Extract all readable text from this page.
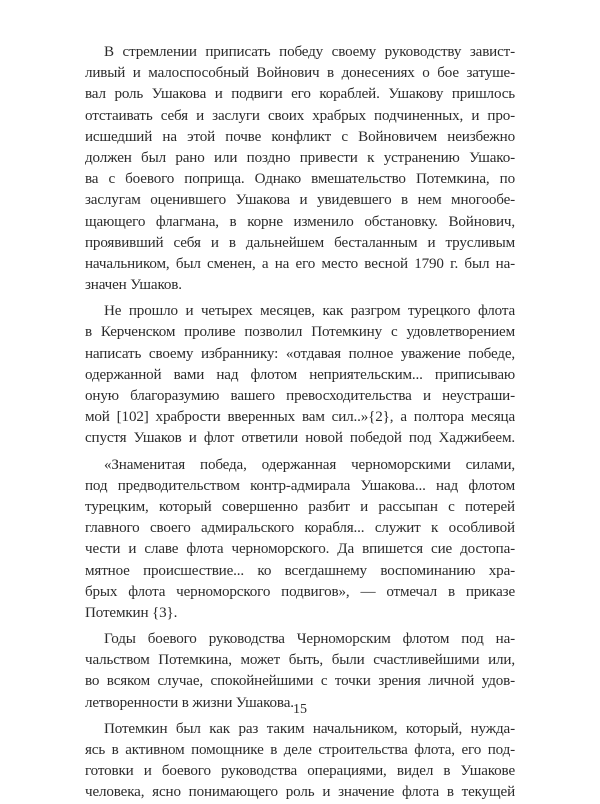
В стремлении приписать победу своему руководству завист-
ливый и малоспособный Войнович в донесениях о бое затуше-
вал роль Ушакова и подвиги его кораблей. Ушакову пришлось
отстаивать себя и заслуги своих храбрых подчиненных, и про-
исшедший на этой почве конфликт с Войновичем неизбежно
должен был рано или поздно привести к устранению Ушако-
ва с боевого поприща. Однако вмешательство Потемкина, по
заслугам оценившего Ушакова и увидевшего в нем многообе-
щающего флагмана, в корне изменило обстановку. Войнович,
проявивший себя и в дальнейшем бесталанным и трусливым
начальником, был сменен, а на его место весной 1790 г. был на-
значен Ушаков.
Не прошло и четырех месяцев, как разгром турецкого флота
в Керченском проливе позволил Потемкину с удовлетворением
написать своему избраннику: «отдавая полное уважение победе,
одержанной вами над флотом неприятельским... приписываю
оную благоразумию вашего превосходительства и неустраши-
мой [102] храбрости вверенных вам сил..»{2}, а полтора месяца
спустя Ушаков и флот ответили новой победой под Хаджибеем.
«Знаменитая победа, одержанная черноморскими силами,
под предводительством контр-адмирала Ушакова... над флотом
турецким, который совершенно разбит и рассыпан с потерей
главного своего адмиральского корабля... служит к особливой
чести и славе флота черноморского. Да впишется сие достопа-
мятное происшествие... ко всегдашнему воспоминанию хра-
брых флота черноморского подвигов», — отмечал в приказе
Потемкин {3}.
Годы боевого руководства Черноморским флотом под на-
чальством Потемкина, может быть, были счастливейшими или,
во всяком случае, спокойнейшими с точки зрения личной удов-
летворенности в жизни Ушакова.
Потемкин был как раз таким начальником, который, нужда-
ясь в активном помощнике в деле строительства флота, его под-
готовки и боевого руководства операциями, видел в Ушакове
человека, ясно понимающего роль и значение флота в текущей
15
